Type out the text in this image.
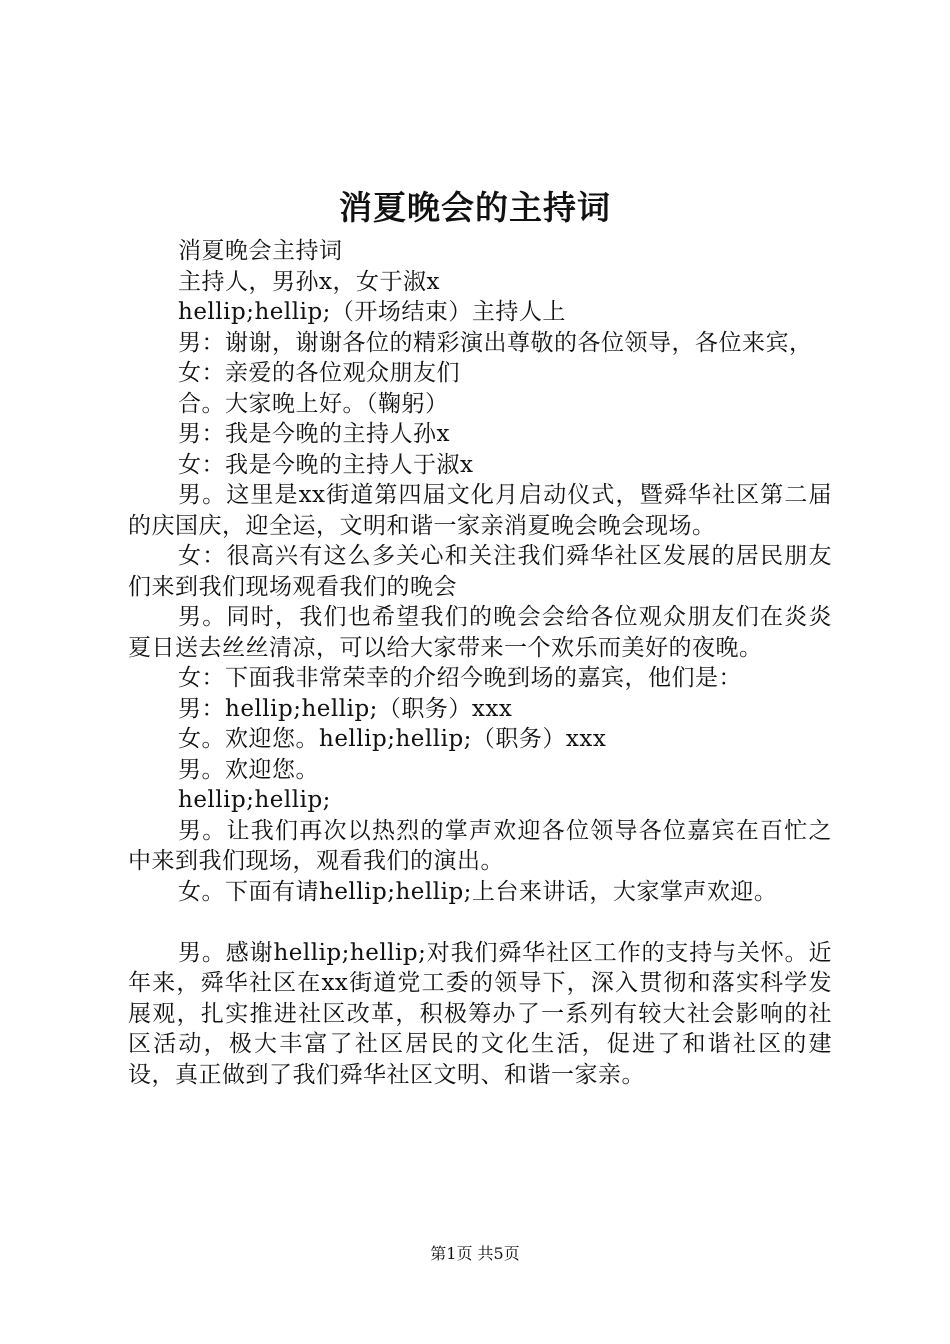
消夏晚会的主持词

消夏晚会主持词

主持人，男孙x，女于淑x

hellip;hellip;（开场结束）主持人上

男：谢谢，谢谢各位的精彩演出尊敬的各位领导，各位来宾，

女：亲爱的各位观众朋友们

合。大家晚上好。（鞠躬）

男：我是今晚的主持人孙x

女：我是今晚的主持人于淑x

男。这里是xx街道第四届文化月启动仪式，暨舜华社区第二届的庆国庆，迎全运，文明和谐一家亲消夏晚会晚会现场。

女：很高兴有这么多关心和关注我们舜华社区发展的居民朋友们来到我们现场观看我们的晚会

男。同时，我们也希望我们的晚会会给各位观众朋友们在炎炎夏日送去丝丝清凉，可以给大家带来一个欢乐而美好的夜晚。

女：下面我非常荣幸的介绍今晚到场的嘉宾，他们是：

男：hellip;hellip;（职务）xxx

女。欢迎您。hellip;hellip;（职务）xxx

男。欢迎您。

hellip;hellip;

男。让我们再次以热烈的掌声欢迎各位领导各位嘉宾在百忙之中来到我们现场，观看我们的演出。

女。下面有请hellip;hellip;上台来讲话，大家掌声欢迎。

男。感谢hellip;hellip;对我们舜华社区工作的支持与关怀。近年来，舜华社区在xx街道党工委的领导下，深入贯彻和落实科学发展观，扎实推进社区改革，积极筹办了一系列有较大社会影响的社区活动，极大丰富了社区居民的文化生活，促进了和谐社区的建设，真正做到了我们舜华社区文明、和谐一家亲。

第1页 共5页
